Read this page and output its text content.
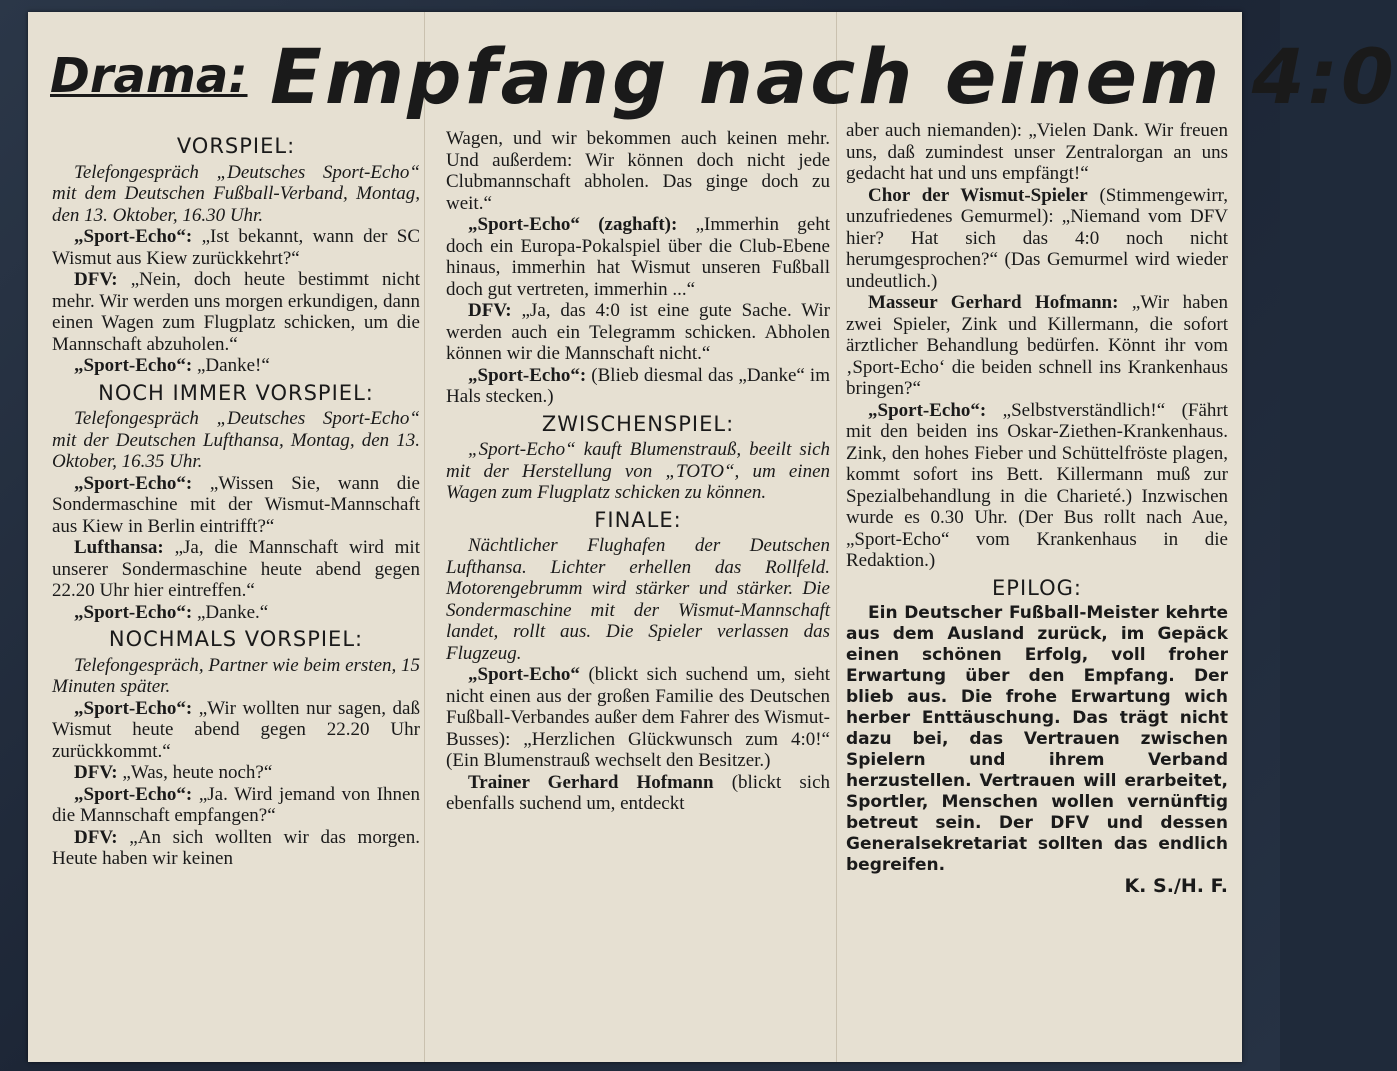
Drama: Empfang nach einem 4:0

VORSPIEL:

Telefongespräch „Deutsches Sport-Echo“ mit dem Deutschen Fußball-Verband, Montag, den 13. Oktober, 16.30 Uhr.

„Sport-Echo“: „Ist bekannt, wann der SC Wismut aus Kiew zurückkehrt?“

DFV: „Nein, doch heute bestimmt nicht mehr. Wir werden uns morgen erkundigen, dann einen Wagen zum Flugplatz schicken, um die Mannschaft abzuholen.“

„Sport-Echo“: „Danke!“

NOCH IMMER VORSPIEL:

Telefongespräch „Deutsches Sport-Echo“ mit der Deutschen Lufthansa, Montag, den 13. Oktober, 16.35 Uhr.

„Sport-Echo“: „Wissen Sie, wann die Sondermaschine mit der Wismut-Mannschaft aus Kiew in Berlin eintrifft?“

Lufthansa: „Ja, die Mannschaft wird mit unserer Sondermaschine heute abend gegen 22.20 Uhr hier eintreffen.“

„Sport-Echo“: „Danke.“

NOCHMALS VORSPIEL:

Telefongespräch, Partner wie beim ersten, 15 Minuten später.

„Sport-Echo“: „Wir wollten nur sagen, daß Wismut heute abend gegen 22.20 Uhr zurückkommt.“

DFV: „Was, heute noch?“

„Sport-Echo“: „Ja. Wird jemand von Ihnen die Mannschaft empfangen?“

DFV: „An sich wollten wir das morgen. Heute haben wir keinen

Wagen, und wir bekommen auch keinen mehr. Und außerdem: Wir können doch nicht jede Clubmannschaft abholen. Das ginge doch zu weit.“

„Sport-Echo“ (zaghaft): „Immerhin geht doch ein Europa-Pokalspiel über die Club-Ebene hinaus, immerhin hat Wismut unseren Fußball doch gut vertreten, immerhin ...“

DFV: „Ja, das 4:0 ist eine gute Sache. Wir werden auch ein Telegramm schicken. Abholen können wir die Mannschaft nicht.“

„Sport-Echo“: (Blieb diesmal das „Danke“ im Hals stecken.)

ZWISCHENSPIEL:

„Sport-Echo“ kauft Blumenstrauß, beeilt sich mit der Herstellung von „TOTO“, um einen Wagen zum Flugplatz schicken zu können.

FINALE:

Nächtlicher Flughafen der Deutschen Lufthansa. Lichter erhellen das Rollfeld. Motorengebrumm wird stärker und stärker. Die Sondermaschine mit der Wismut-Mannschaft landet, rollt aus. Die Spieler verlassen das Flugzeug.

„Sport-Echo“ (blickt sich suchend um, sieht nicht einen aus der großen Familie des Deutschen Fußball-Verbandes außer dem Fahrer des Wismut-Busses): „Herzlichen Glückwunsch zum 4:0!“ (Ein Blumenstrauß wechselt den Besitzer.)

Trainer Gerhard Hofmann (blickt sich ebenfalls suchend um, entdeckt

aber auch niemanden): „Vielen Dank. Wir freuen uns, daß zumindest unser Zentralorgan an uns gedacht hat und uns empfängt!“

Chor der Wismut-Spieler (Stimmengewirr, unzufriedenes Gemurmel): „Niemand vom DFV hier? Hat sich das 4:0 noch nicht herumgesprochen?“ (Das Gemurmel wird wieder undeutlich.)

Masseur Gerhard Hofmann: „Wir haben zwei Spieler, Zink und Killermann, die sofort ärztlicher Behandlung bedürfen. Könnt ihr vom ‚Sport-Echo‘ die beiden schnell ins Krankenhaus bringen?“

„Sport-Echo“: „Selbstverständlich!“ (Fährt mit den beiden ins Oskar-Ziethen-Krankenhaus. Zink, den hohes Fieber und Schüttelfröste plagen, kommt sofort ins Bett. Killermann muß zur Spezialbehandlung in die Charieté.) Inzwischen wurde es 0.30 Uhr. (Der Bus rollt nach Aue, „Sport-Echo“ vom Krankenhaus in die Redaktion.)

EPILOG:

Ein Deutscher Fußball-Meister kehrte aus dem Ausland zurück, im Gepäck einen schönen Erfolg, voll froher Erwartung über den Empfang. Der blieb aus. Die frohe Erwartung wich herber Enttäuschung. Das trägt nicht dazu bei, das Vertrauen zwischen Spielern und ihrem Verband herzustellen. Vertrauen will erarbeitet, Sportler, Menschen wollen vernünftig betreut sein. Der DFV und dessen Generalsekretariat sollten das endlich begreifen.

K. S./H. F.
